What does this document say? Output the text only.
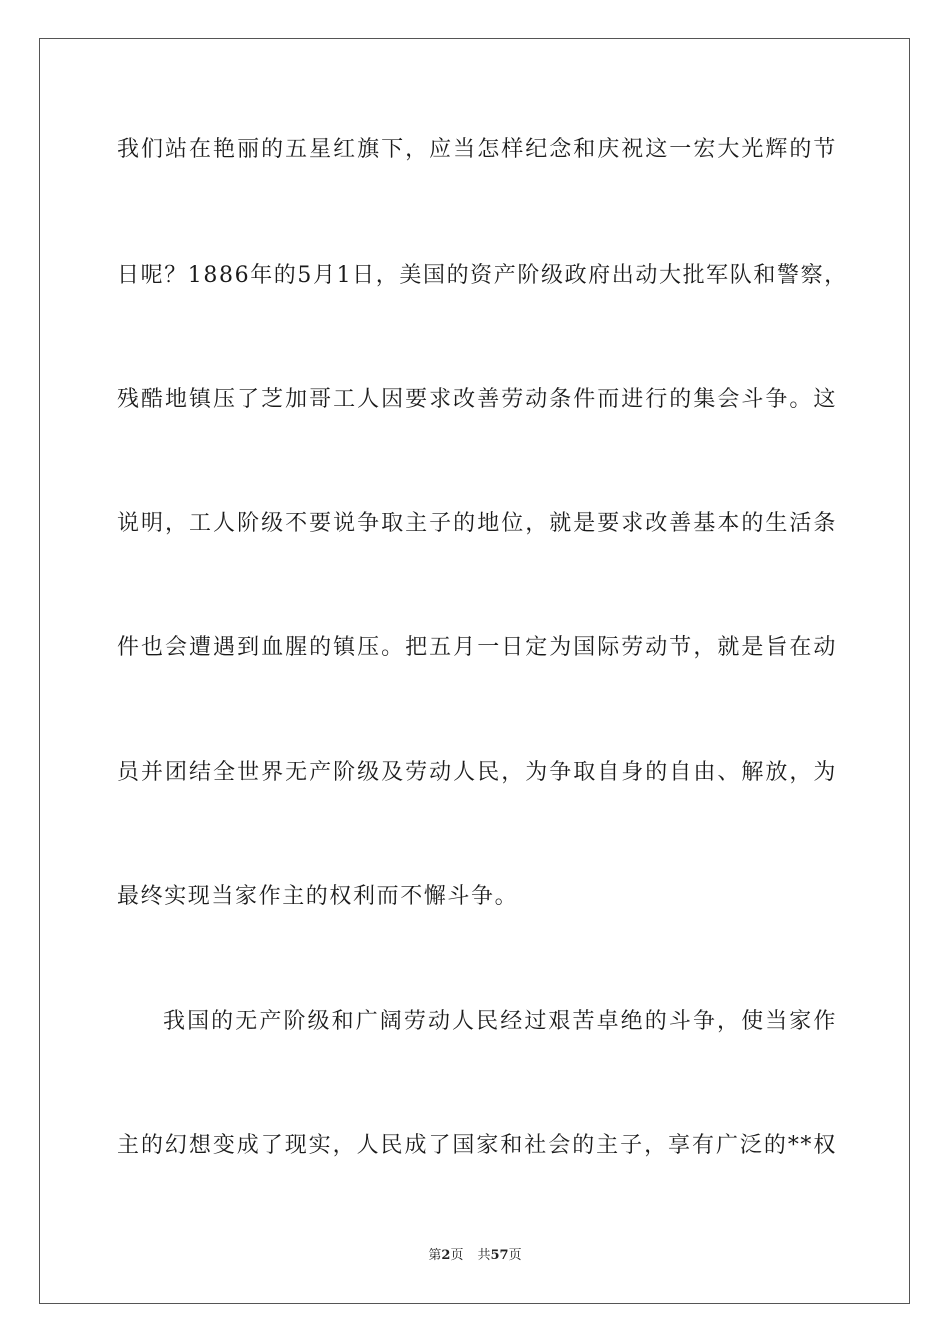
我们站在艳丽的五星红旗下，应当怎样纪念和庆祝这一宏大光辉的节
日呢？1886年的5月1日，美国的资产阶级政府出动大批军队和警察，
残酷地镇压了芝加哥工人因要求改善劳动条件而进行的集会斗争。这
说明，工人阶级不要说争取主子的地位，就是要求改善基本的生活条
件也会遭遇到血腥的镇压。把五月一日定为国际劳动节，就是旨在动
员并团结全世界无产阶级及劳动人民，为争取自身的自由、解放，为
最终实现当家作主的权利而不懈斗争。
我国的无产阶级和广阔劳动人民经过艰苦卓绝的斗争，使当家作
主的幻想变成了现实，人民成了国家和社会的主子，享有广泛的**权
第2页 共57页
